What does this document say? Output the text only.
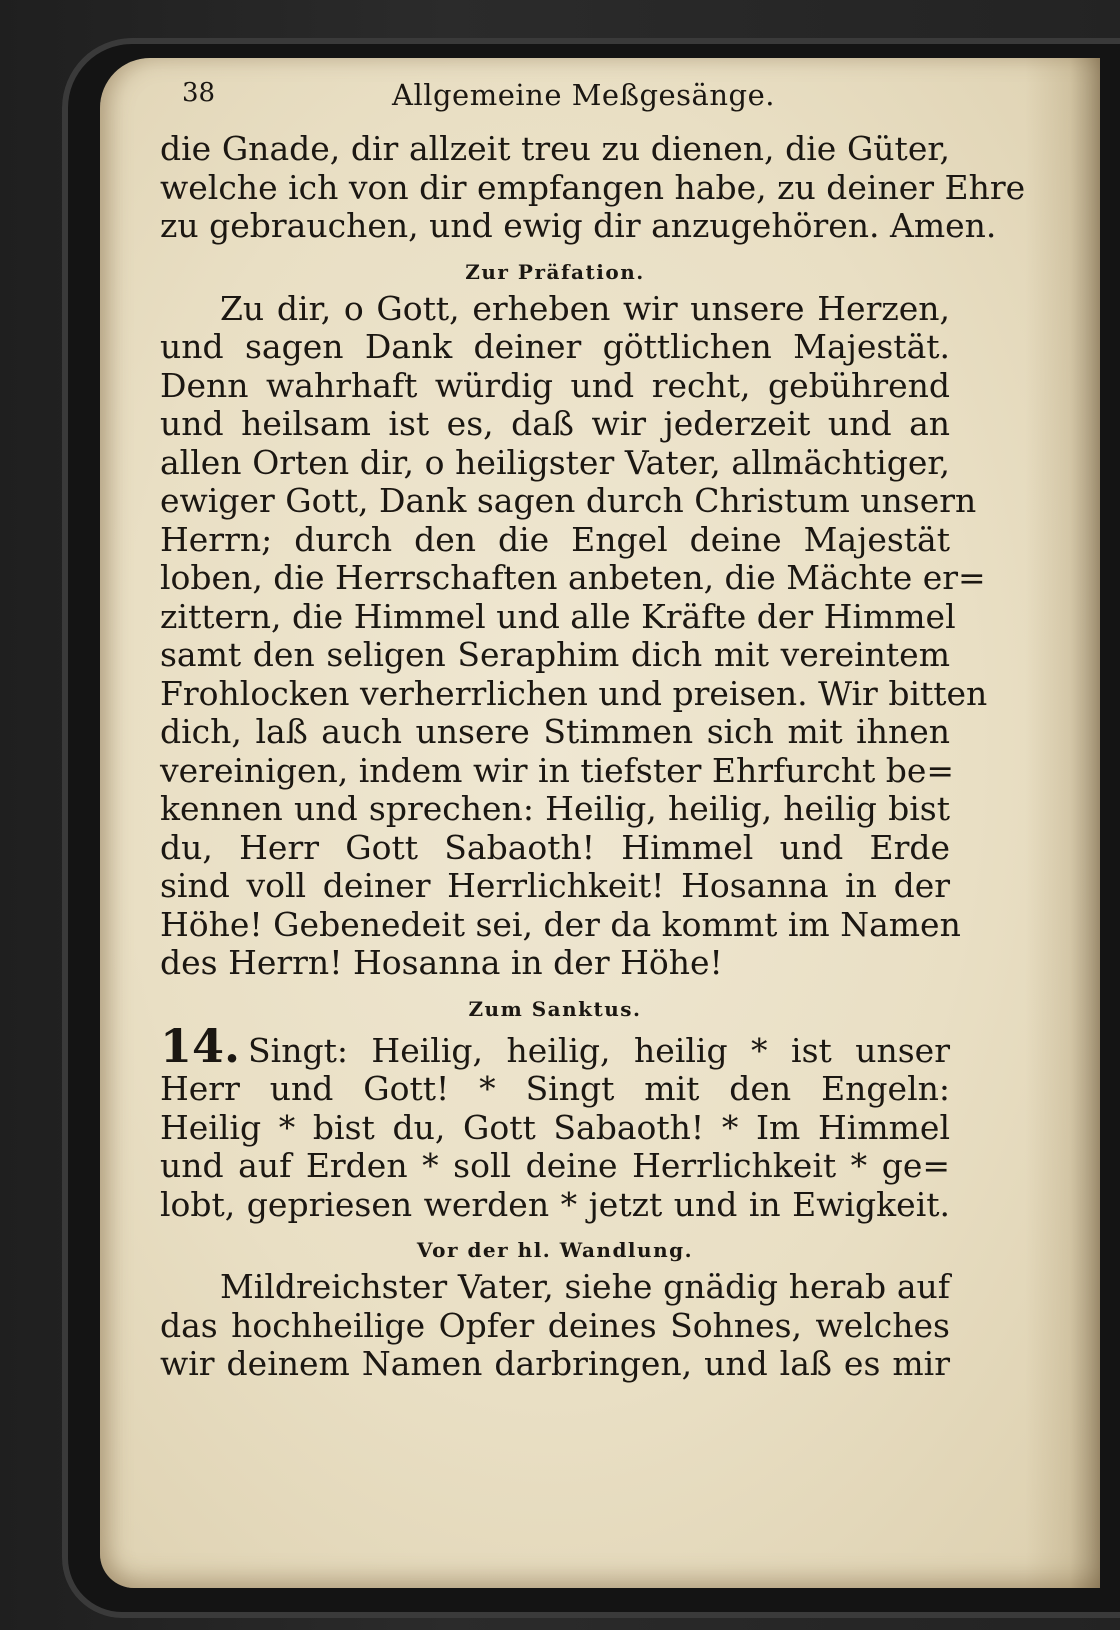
38	Allgemeine Meßgesänge.

die Gnade, dir allzeit treu zu dienen, die Güter,
welche ich von dir empfangen habe, zu deiner Ehre
zu gebrauchen, und ewig dir anzugehören. Amen.

Zur Präfation.

Zu dir, o Gott, erheben wir unsere Herzen,
und sagen Dank deiner göttlichen Majestät.
Denn wahrhaft würdig und recht, gebührend
und heilsam ist es, daß wir jederzeit und an
allen Orten dir, o heiligster Vater, allmächtiger,
ewiger Gott, Dank sagen durch Christum unsern
Herrn; durch den die Engel deine Majestät
loben, die Herrschaften anbeten, die Mächte er=
zittern, die Himmel und alle Kräfte der Himmel
samt den seligen Seraphim dich mit vereintem
Frohlocken verherrlichen und preisen. Wir bitten
dich, laß auch unsere Stimmen sich mit ihnen
vereinigen, indem wir in tiefster Ehrfurcht be=
kennen und sprechen: Heilig, heilig, heilig bist
du, Herr Gott Sabaoth! Himmel und Erde
sind voll deiner Herrlichkeit! Hosanna in der
Höhe! Gebenedeit sei, der da kommt im Namen
des Herrn! Hosanna in der Höhe!

Zum Sanktus.

14. Singt: Heilig, heilig, heilig * ist unser
Herr und Gott! * Singt mit den Engeln:
Heilig * bist du, Gott Sabaoth! * Im Himmel
und auf Erden * soll deine Herrlichkeit * ge=
lobt, gepriesen werden * jetzt und in Ewigkeit.

Vor der hl. Wandlung.

Mildreichster Vater, siehe gnädig herab auf
das hochheilige Opfer deines Sohnes, welches
wir deinem Namen darbringen, und laß es mir
